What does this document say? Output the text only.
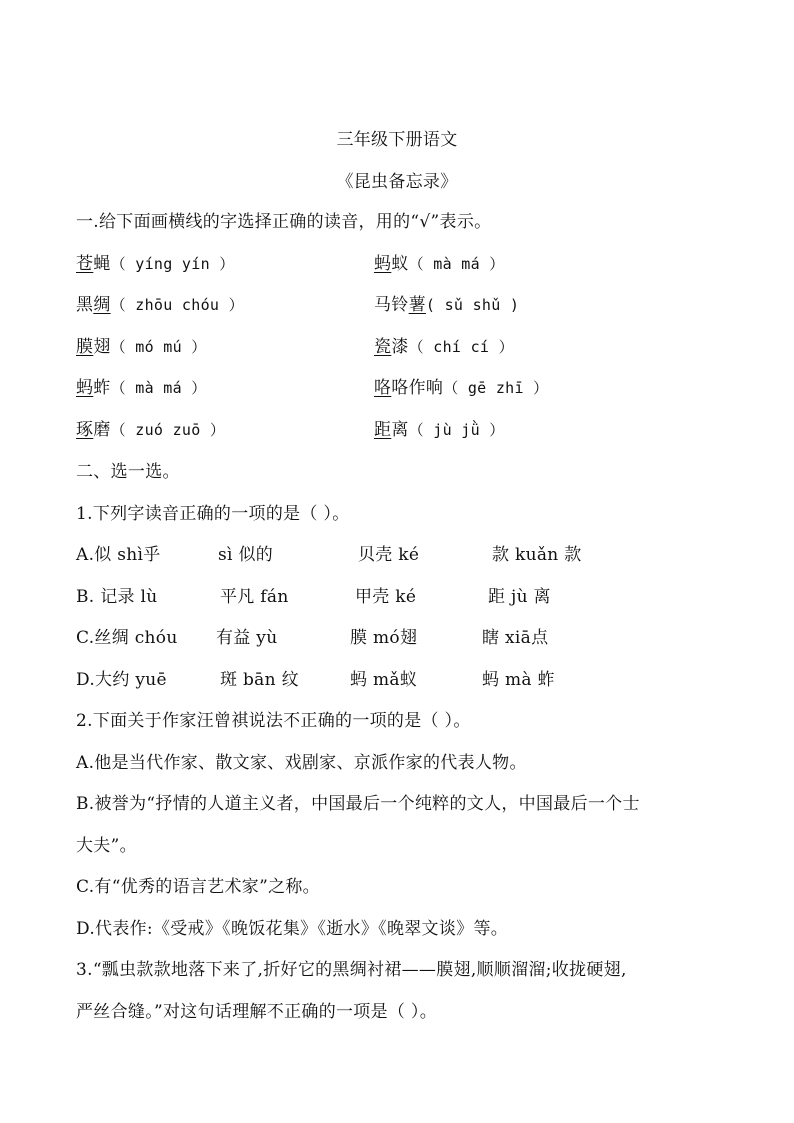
三年级下册语文
《昆虫备忘录》
一.给下面画横线的字选择正确的读音，用的“√”表示。
苍蝇（ yíng yín ）	蚂蚁（ mà má ）
黑绸（ zhōu chóu ）	马铃薯( sǔ shǔ )
膜翅（ mó mú ）	瓷漆（ chí cí ）
蚂蚱（ mà má ）	咯咯作响（ gē zhī ）
琢磨（ zuó zuō ）	距离（ jù jǜ ）
二、选一选。
1.下列字读音正确的一项的是（ ）。
A.似 shì乎	sì 似的	贝壳 ké	款 kuǎn 款
B. 记录 lù	平凡 fán	甲壳 ké	距 jù 离
C.丝绸 chóu 有益 yù	膜 mó翅	瞎 xiā点
D.大约 yuē	斑 bān 纹	蚂 mǎ蚁	蚂 mà 蚱
2.下面关于作家汪曾祺说法不正确的一项的是（ ）。
A.他是当代作家、散文家、戏剧家、京派作家的代表人物。
B.被誉为“抒情的人道主义者，中国最后一个纯粹的文人，中国最后一个士
大夫”。
C.有“优秀的语言艺术家”之称。
D.代表作:《受戒》《晚饭花集》《逝水》《晚翠文谈》等。
3.“瓢虫款款地落下来了,折好它的黑绸衬裙——膜翅,顺顺溜溜;收拢硬翅,
严丝合缝。”对这句话理解不正确的一项是（ ）。
